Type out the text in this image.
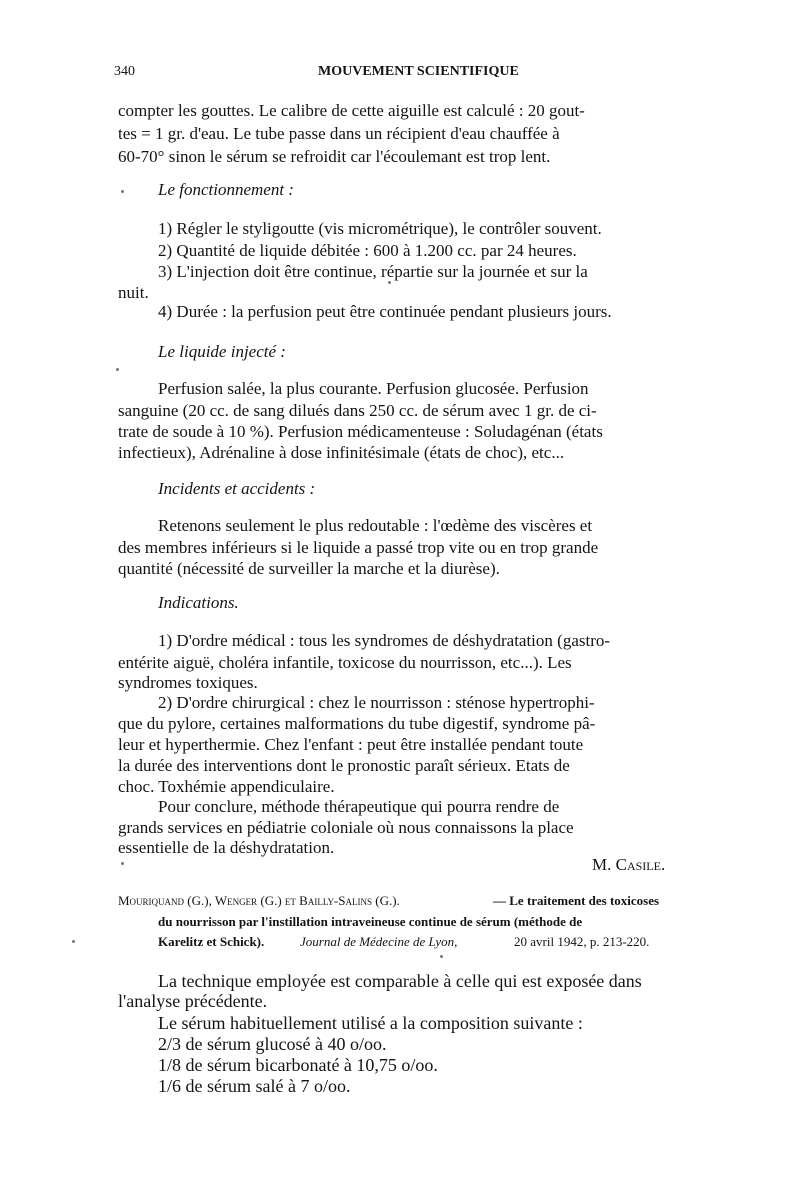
340	MOUVEMENT SCIENTIFIQUE
compter les gouttes. Le calibre de cette aiguille est calculé : 20 gout-
tes = 1 gr. d'eau. Le tube passe dans un récipient d'eau chauffée à
60-70° sinon le sérum se refroidit car l'écoulemant est trop lent.
Le fonctionnement :
1) Régler le styligoutte (vis micrométrique), le contrôler souvent.
2) Quantité de liquide débitée : 600 à 1.200 cc. par 24 heures.
3) L'injection doit être continue, répartie sur la journée et sur la
nuit.
4) Durée : la perfusion peut être continuée pendant plusieurs jours.
Le liquide injecté :
Perfusion salée, la plus courante. Perfusion glucosée. Perfusion
sanguine (20 cc. de sang dilués dans 250 cc. de sérum avec 1 gr. de ci-
trate de soude à 10 %). Perfusion médicamenteuse : Soludagénan (états
infectieux), Adrénaline à dose infinitésimale (états de choc), etc...
Incidents et accidents :
Retenons seulement le plus redoutable : l'œdème des viscères et
des membres inférieurs si le liquide a passé trop vite ou en trop grande
quantité (nécessité de surveiller la marche et la diurèse).
Indications.
1) D'ordre médical : tous les syndromes de déshydratation (gastro-
entérite aiguë, choléra infantile, toxicose du nourrisson, etc...). Les
syndromes toxiques.
2) D'ordre chirurgical : chez le nourrisson : sténose hypertrophi-
que du pylore, certaines malformations du tube digestif, syndrome pâ-
leur et hyperthermie. Chez l'enfant : peut être installée pendant toute
la durée des interventions dont le pronostic paraît sérieux. Etats de
choc. Toxhémie appendiculaire.
Pour conclure, méthode thérapeutique qui pourra rendre de
grands services en pédiatrie coloniale où nous connaissons la place
essentielle de la déshydratation.
M. Casile.
Mouriquand (G.), Wenger (G.) et Bailly-Salins (G.).	— Le traitement des toxicoses
du nourrisson par l'instillation intraveineuse continue de sérum (méthode de
Karelitz et Schick).	Journal de Médecine de Lyon,	20 avril 1942, p. 213-220.
La technique employée est comparable à celle qui est exposée dans
l'analyse précédente.
Le sérum habituellement utilisé a la composition suivante :
2/3 de sérum glucosé à 40 o/oo.
1/8 de sérum bicarbonaté à 10,75 o/oo.
1/6 de sérum salé à 7 o/oo.
